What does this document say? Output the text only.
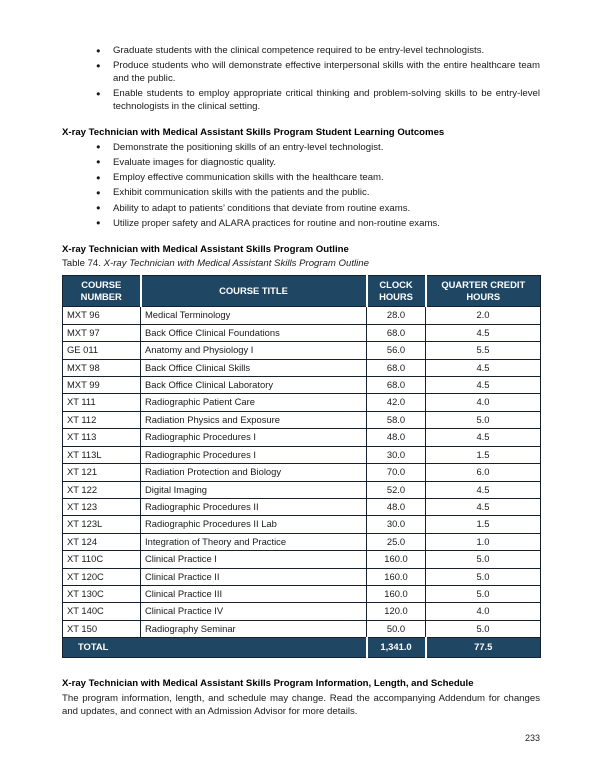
● Graduate students with the clinical competence required to be entry-level technologists.
● Produce students who will demonstrate effective interpersonal skills with the entire healthcare team and the public.
● Enable students to employ appropriate critical thinking and problem-solving skills to be entry-level technologists in the clinical setting.
X-ray Technician with Medical Assistant Skills Program Student Learning Outcomes
● Demonstrate the positioning skills of an entry-level technologist.
● Evaluate images for diagnostic quality.
● Employ effective communication skills with the healthcare team.
● Exhibit communication skills with the patients and the public.
● Ability to adapt to patients’ conditions that deviate from routine exams.
● Utilize proper safety and ALARA practices for routine and non-routine exams.
X-ray Technician with Medical Assistant Skills Program Outline
Table 74. X-ray Technician with Medical Assistant Skills Program Outline
COURSE NUMBER	COURSE TITLE	CLOCK HOURS	QUARTER CREDIT HOURS
MXT 96	Medical Terminology	28.0	2.0
MXT 97	Back Office Clinical Foundations	68.0	4.5
GE 011	Anatomy and Physiology I	56.0	5.5
MXT 98	Back Office Clinical Skills	68.0	4.5
MXT 99	Back Office Clinical Laboratory	68.0	4.5
XT 111	Radiographic Patient Care	42.0	4.0
XT 112	Radiation Physics and Exposure	58.0	5.0
XT 113	Radiographic Procedures I	48.0	4.5
XT 113L	Radiographic Procedures I	30.0	1.5
XT 121	Radiation Protection and Biology	70.0	6.0
XT 122	Digital Imaging	52.0	4.5
XT 123	Radiographic Procedures II	48.0	4.5
XT 123L	Radiographic Procedures II Lab	30.0	1.5
XT 124	Integration of Theory and Practice	25.0	1.0
XT 110C	Clinical Practice I	160.0	5.0
XT 120C	Clinical Practice II	160.0	5.0
XT 130C	Clinical Practice III	160.0	5.0
XT 140C	Clinical Practice IV	120.0	4.0
XT 150	Radiography Seminar	50.0	5.0
TOTAL		1,341.0	77.5
X-ray Technician with Medical Assistant Skills Program Information, Length, and Schedule

The program information, length, and schedule may change. Read the accompanying Addendum for changes and updates, and connect with an Admission Advisor for more details.

233
